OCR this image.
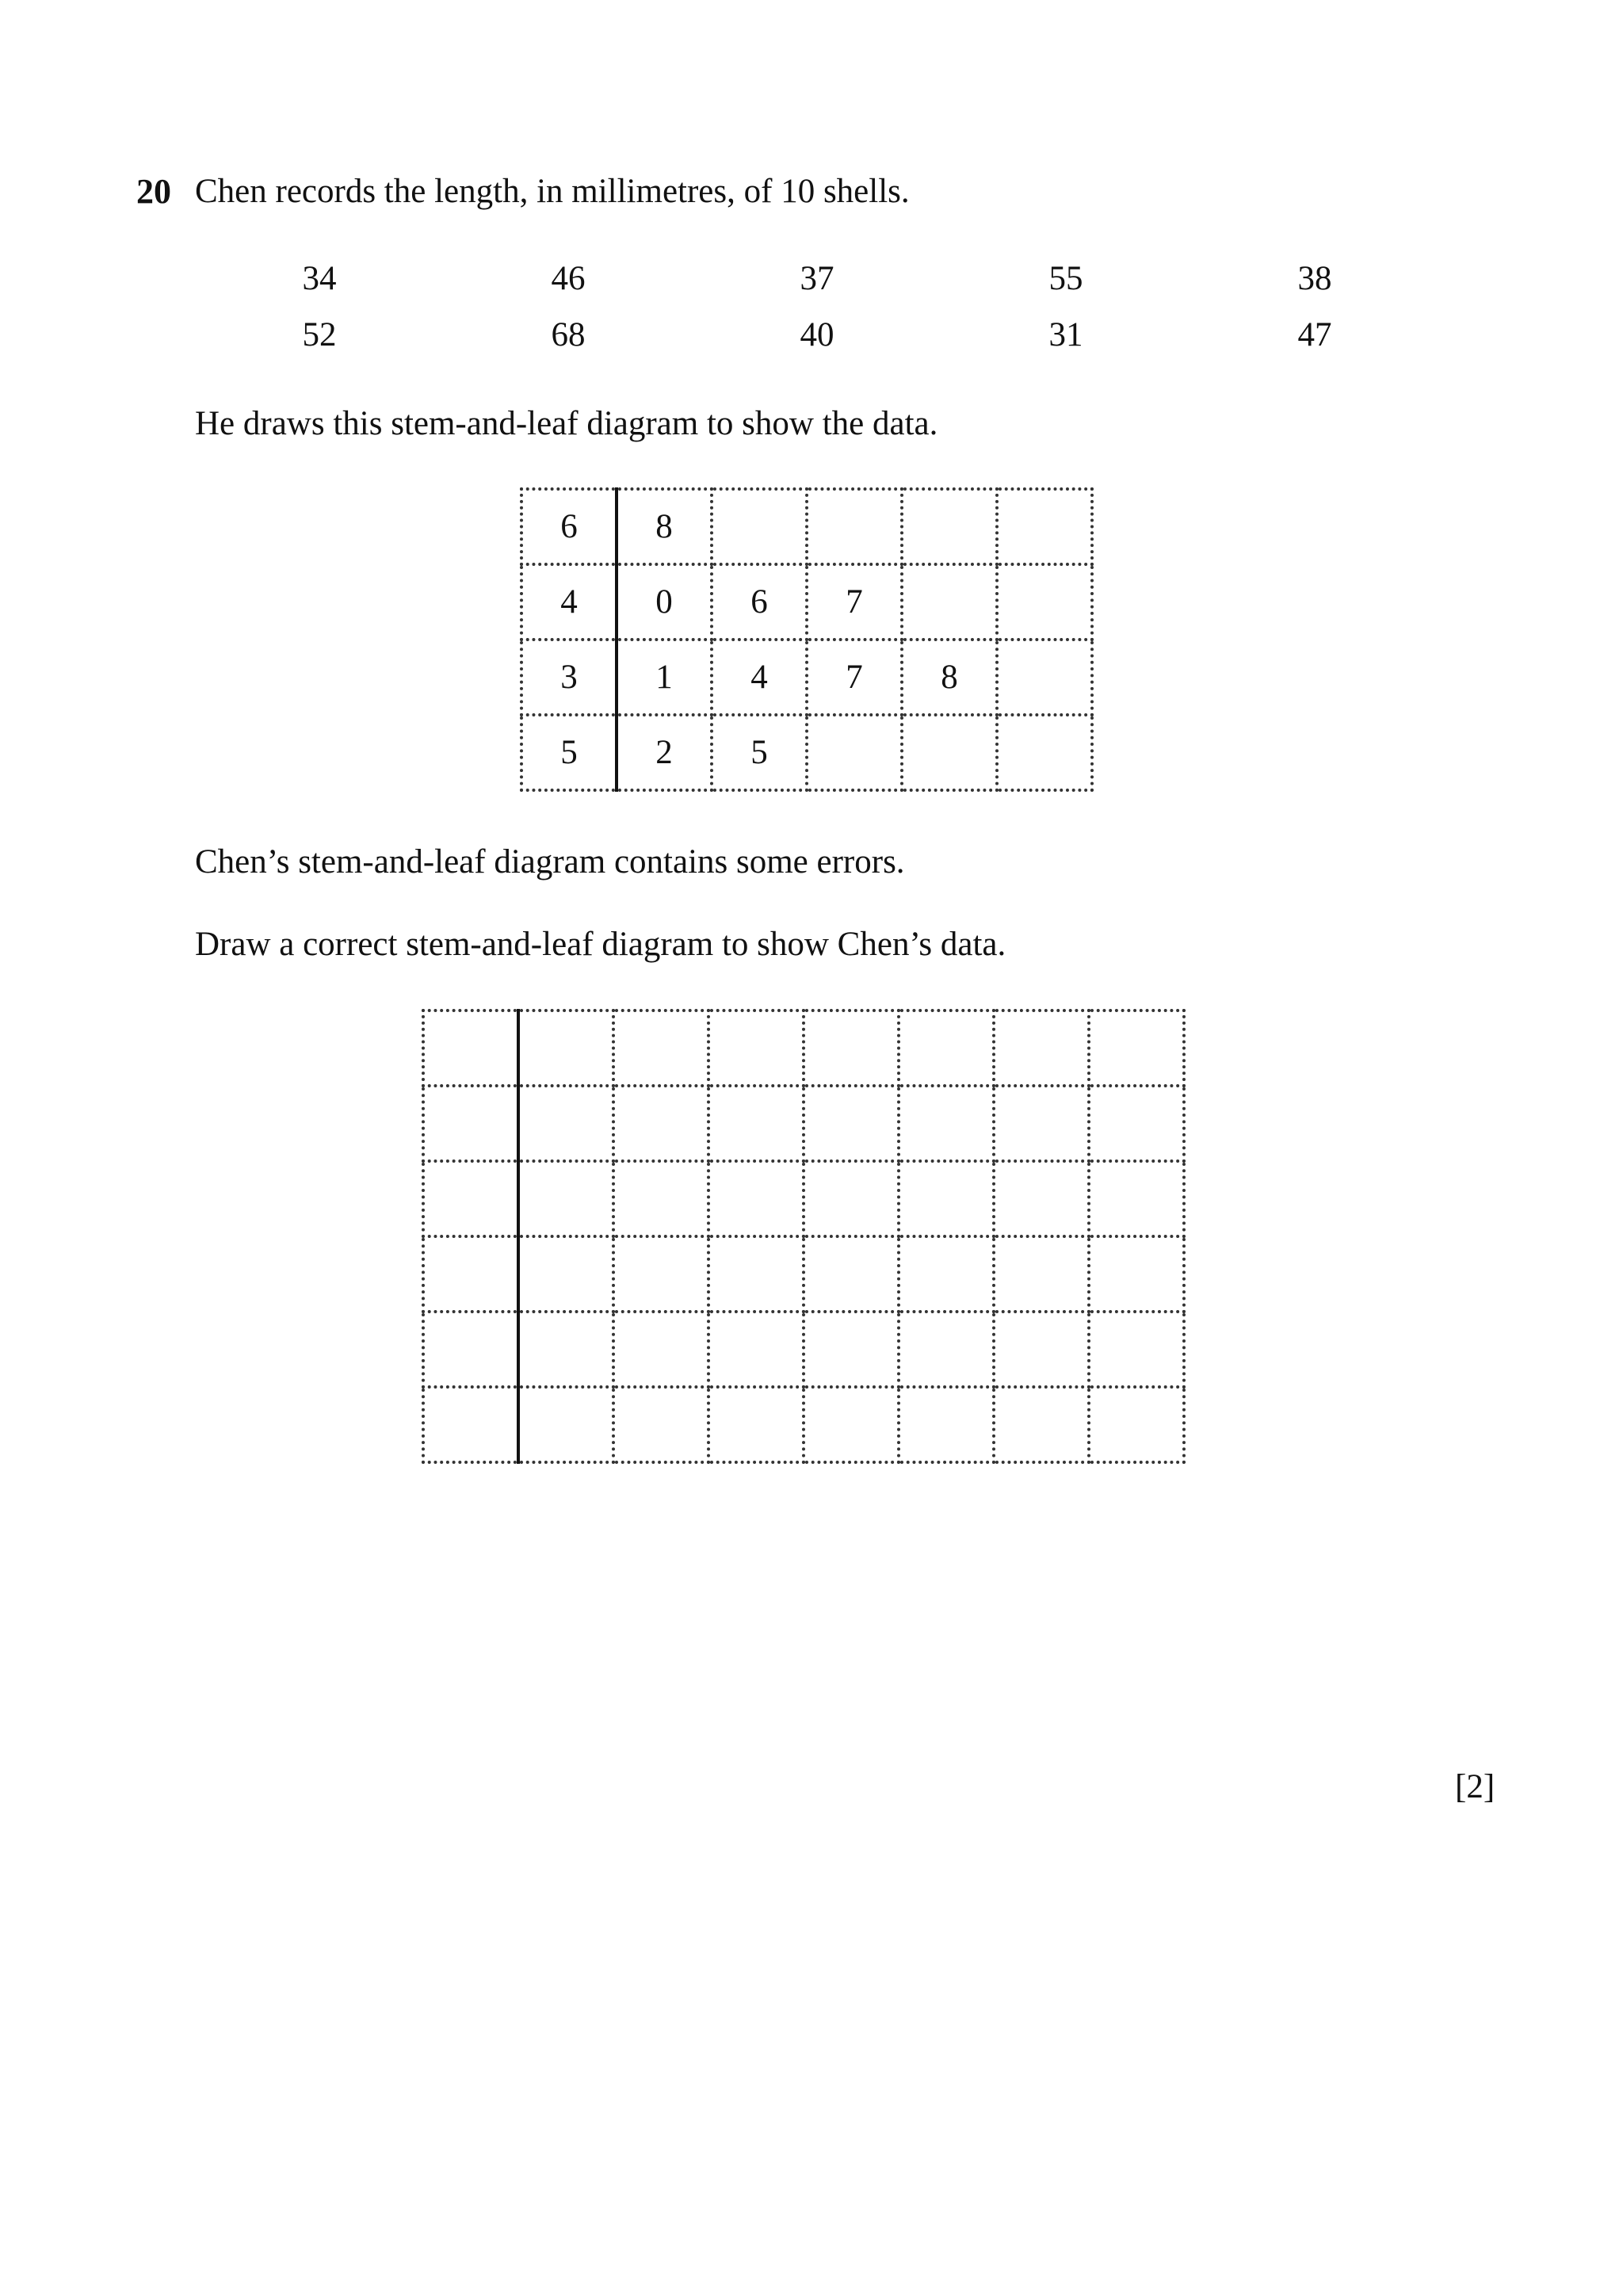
20 Chen records the length, in millimetres, of 10 shells.
34	46	37	55	38
52	68	40	31	47
He draws this stem-and-leaf diagram to show the data.
6	8				
4	0	6	7		
3	1	4	7	8	
5	2	5			
Chen’s stem-and-leaf diagram contains some errors.
Draw a correct stem-and-leaf diagram to show Chen’s data.

[2]
